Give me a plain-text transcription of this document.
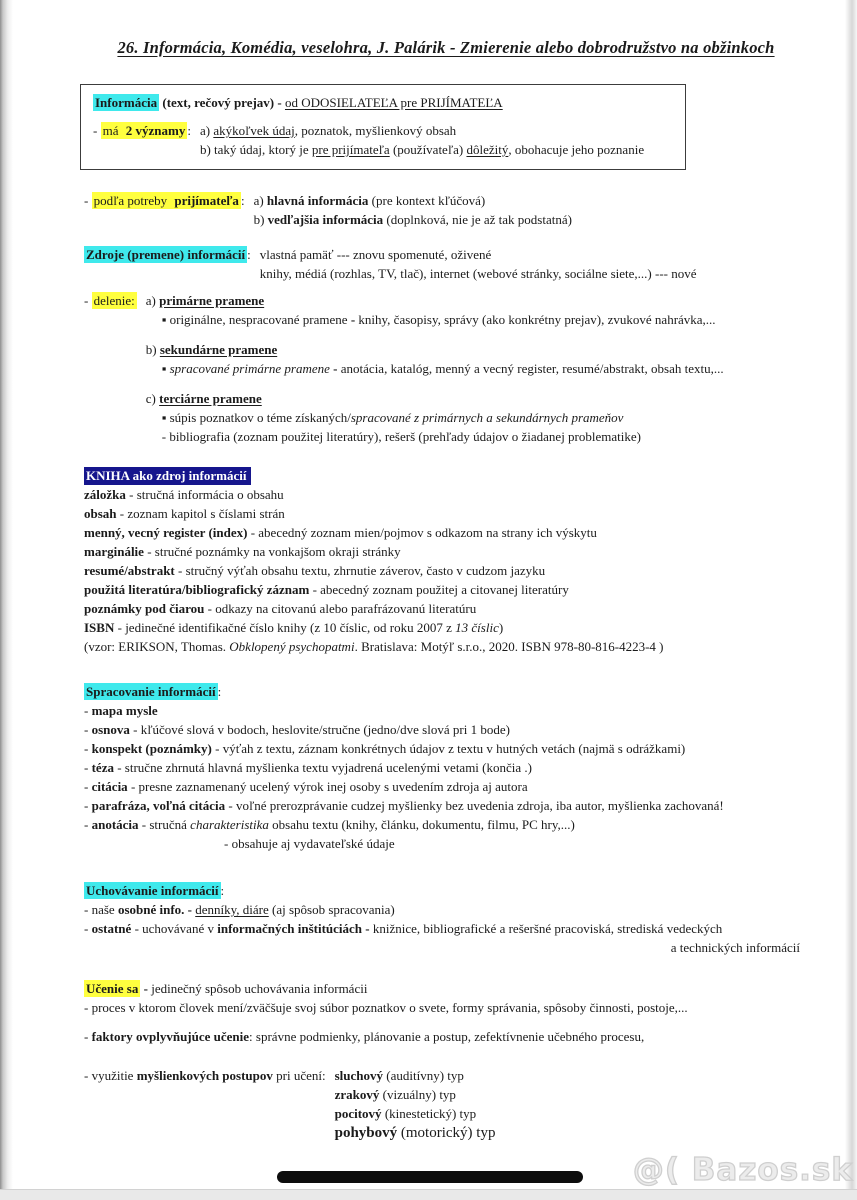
26. Informácia, Komédia, veselohra, J. Palárik - Zmierenie alebo dobrodružstvo na obžinkoch
Informácia (text, rečový prejav) - od ODOSIELATEĽA pre PRIJÍMATEĽA
- má 2 významy : a) akýkoľvek údaj, poznatok, myšlienkový obsah
b) taký údaj, ktorý je pre prijímateľa (používateľa) dôležitý, obohacuje jeho poznanie
- podľa potreby prijímateľa : a) hlavná informácia (pre kontext kľúčová)
b) vedľajšia informácia (doplnková, nie je až tak podstatná)
Zdroje (premene) informácií : vlastná pamäť --- znovu spomenuté, oživené
knihy, médiá (rozhlas, TV, tlač), internet (webové stránky, sociálne siete,...) --- nové
- delenie: a) primárne pramene
▪ originálne, nespracované pramene - knihy, časopisy, správy (ako konkrétny prejav), zvukové nahrávka,...
b) sekundárne pramene
▪ spracované primárne pramene - anotácia, katalóg, menný a vecný register, resumé/abstrakt, obsah textu,...
c) terciárne pramene
▪ súpis poznatkov o téme získaných/spracované z primárnych a sekundárnych prameňov
- bibliografia (zoznam použitej literatúry), rešerš (prehľady údajov o žiadanej problematike)
KNIHA ako zdroj informácií
záložka - stručná informácia o obsahu
obsah - zoznam kapitol s číslami strán
menný, vecný register (index) - abecedný zoznam mien/pojmov s odkazom na strany ich výskytu
marginálie - stručné poznámky na vonkajšom okraji stránky
resumé/abstrakt - stručný výťah obsahu textu, zhrnutie záverov, často v cudzom jazyku
použitá literatúra/bibliografický záznam - abecedný zoznam použitej a citovanej literatúry
poznámky pod čiarou - odkazy na citovanú alebo parafrázovanú literatúru
ISBN - jedinečné identifikačné číslo knihy (z 10 číslic, od roku 2007 z 13 číslic)
(vzor: ERIKSON, Thomas. Obklopený psychopatmi. Bratislava: Motýľ s.r.o., 2020. ISBN 978-80-816-4223-4 )
Spracovanie informácií :
- mapa mysle
- osnova - kľúčové slová v bodoch, heslovite/stručne (jedno/dve slová pri 1 bode)
- konspekt (poznámky) - výťah z textu, záznam konkrétnych údajov z textu v hutných vetách (najmä s odrážkami)
- téza - stručne zhrnutá hlavná myšlienka textu vyjadrená ucelenými vetami (končia .)
- citácia - presne zaznamenaný ucelený výrok inej osoby s uvedením zdroja aj autora
- parafráza, voľná citácia - voľné prerozprávanie cudzej myšlienky bez uvedenia zdroja, iba autor, myšlienka zachovaná!
- anotácia - stručná charakteristika obsahu textu (knihy, článku, dokumentu, filmu, PC hry,...)
- obsahuje aj vydavateľské údaje
Uchovávanie informácií :
- naše osobné info. - denníky, diáre (aj spôsob spracovania)
- ostatné - uchovávané v informačných inštitúciách - knižnice, bibliografické a rešeršné pracoviská, strediská vedeckých
a technických informácií
Učenie sa - jedinečný spôsob uchovávania informácii
- proces v ktorom človek mení/zväčšuje svoj súbor poznatkov o svete, formy správania, spôsoby činnosti, postoje,...
- faktory ovplyvňujúce učenie: správne podmienky, plánovanie a postup, zefektívnenie učebného procesu,
- využitie myšlienkových postupov pri učení: sluchový (auditívny) typ
zrakový (vizuálny) typ
pocitový (kinestetický) typ
pohybový (motorický) typ
@( Bazos.sk
